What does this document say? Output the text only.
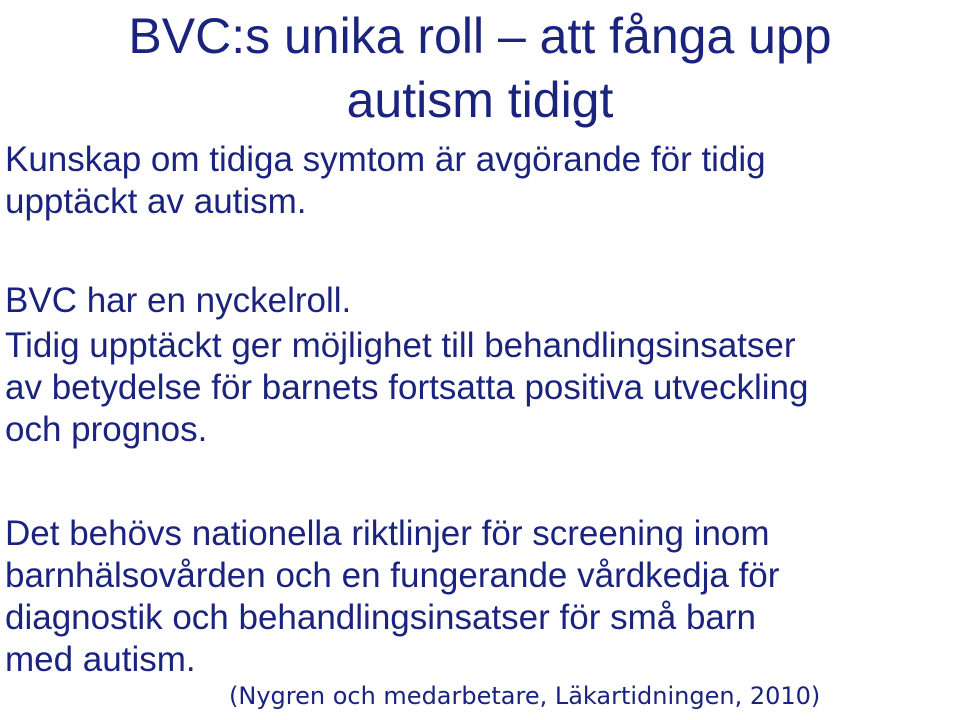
BVC:s unika roll – att fånga upp
autism tidigt

Kunskap om tidiga symtom är avgörande för tidig
upptäckt av autism.

BVC har en nyckelroll.

Tidig upptäckt ger möjlighet till behandlingsinsatser
av betydelse för barnets fortsatta positiva utveckling
och prognos.

Det behövs nationella riktlinjer för screening inom
barnhälsovården och en fungerande vårdkedja för
diagnostik och behandlingsinsatser för små barn
med autism.

(Nygren och medarbetare, Läkartidningen, 2010)
